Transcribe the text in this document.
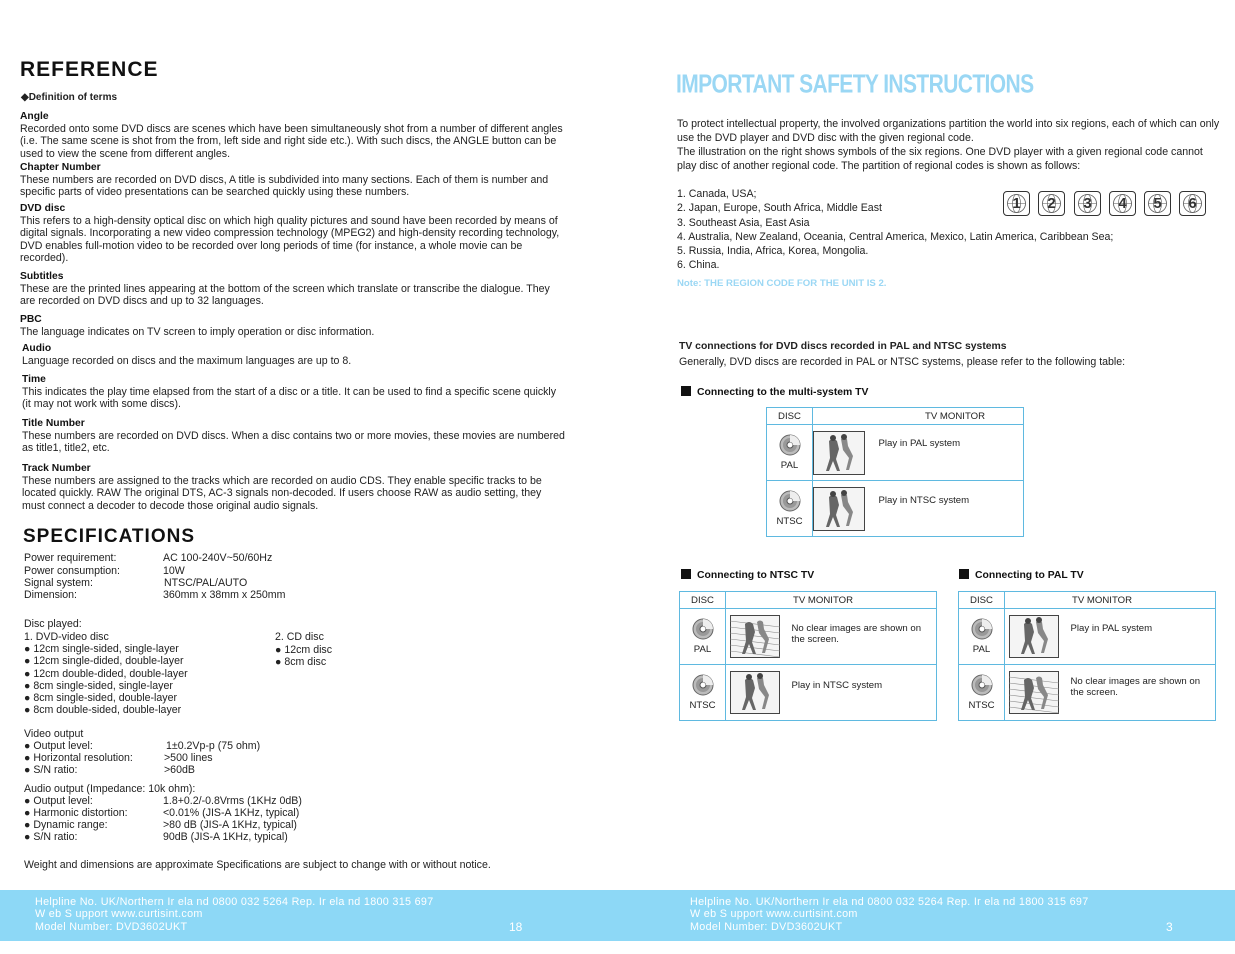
REFERENCE
◆Definition of terms
Angle
Recorded onto some DVD discs are scenes which have been simultaneously shot from a number of different angles (i.e. The same scene is shot from the from, left side and right side etc.). With such discs, the ANGLE button can be used to view the scene from different angles.
Chapter Number
These numbers are recorded on DVD discs, A title is subdivided into many sections. Each of them is number and specific parts of video presentations can be searched quickly using these numbers.
DVD disc
This refers to a high-density optical disc on which high quality pictures and sound have been recorded by means of digital signals. Incorporating a new video compression technology (MPEG2) and high-density recording technology, DVD enables full-motion video to be recorded over long periods of time (for instance, a whole movie can be recorded).
Subtitles
These are the printed lines appearing at the bottom of the screen which translate or transcribe the dialogue. They are recorded on DVD discs and up to 32 languages.
PBC
The language indicates on TV screen to imply operation or disc information.
Audio
Language recorded on discs and the maximum languages are up to 8.
Time
This indicates the play time elapsed from the start of a disc or a title. It can be used to find a specific scene quickly (it may not work with some discs).
Title Number
These numbers are recorded on DVD discs. When a disc contains two or more movies, these movies are numbered as title1, title2, etc.
Track Number
These numbers are assigned to the tracks which are recorded on audio CDS. They enable specific tracks to be located quickly. RAW The original DTS, AC-3 signals non-decoded. If users choose RAW as audio setting, they must connect a decoder to decode those original audio signals.
SPECIFICATIONS
Power requirement:	AC 100-240V~50/60Hz
Power consumption:	10W
Signal system:	NTSC/PAL/AUTO
Dimension:	360mm x 38mm x 250mm
Disc played:
1. DVD-video disc
● 12cm single-sided, single-layer
● 12cm single-dided, double-layer
● 12cm double-dided, double-layer
● 8cm single-sided, single-layer
● 8cm single-sided, double-layer
● 8cm double-sided, double-layer
2. CD disc
● 12cm disc
● 8cm disc
Video output
● Output level:	1±0.2Vp-p (75 ohm)
● Horizontal resolution:	>500 lines
● S/N ratio:	>60dB
Audio output (Impedance: 10k ohm):
● Output level:	1.8+0.2/-0.8Vrms (1KHz 0dB)
● Harmonic distortion:	<0.01% (JIS-A 1KHz, typical)
● Dynamic range:	>80 dB (JIS-A 1KHz, typical)
● S/N ratio:	90dB (JIS-A 1KHz, typical)
Weight and dimensions are approximate Specifications are subject to change with or without notice.
IMPORTANT SAFETY INSTRUCTIONS
To protect intellectual property, the involved organizations partition the world into six regions, each of which can only use the DVD player and DVD disc with the given regional code.
The illustration on the right shows symbols of the six regions. One DVD player with a given regional code cannot play disc of another regional code. The partition of regional codes is shown as follows:
1. Canada, USA;
2. Japan, Europe, South Africa, Middle East
3. Southeast Asia, East Asia
4. Australia, New Zealand, Oceania, Central America, Mexico, Latin America, Caribbean Sea;
5. Russia, India, Africa, Korea, Mongolia.
6. China.
1 2 3 4 5 6
Note: THE REGION CODE FOR THE UNIT IS 2.
TV connections for DVD discs recorded in PAL and NTSC systems
Generally, DVD discs are recorded in PAL or NTSC systems, please refer to the following table:
Connecting to the multi-system TV
DISC	TV MONITOR	

PAL		Play in PAL system

NTSC		Play in NTSC system
Connecting to NTSC TV
DISC	TV MONITOR	

PAL		No clear images are shown on the screen.

NTSC		Play in NTSC system
Connecting to PAL TV
DISC	TV MONITOR	

PAL		Play in PAL system

NTSC		No clear images are shown on the screen.
Helpline No. UK/Northern Ir ela nd 0800 032 5264 Rep. Ir ela nd 1800 315 697
W eb S upport www.curtisint.com
Model Number: DVD3602UKT	18
Helpline No. UK/Northern Ir ela nd 0800 032 5264 Rep. Ir ela nd 1800 315 697
W eb S upport www.curtisint.com
Model Number: DVD3602UKT	3
